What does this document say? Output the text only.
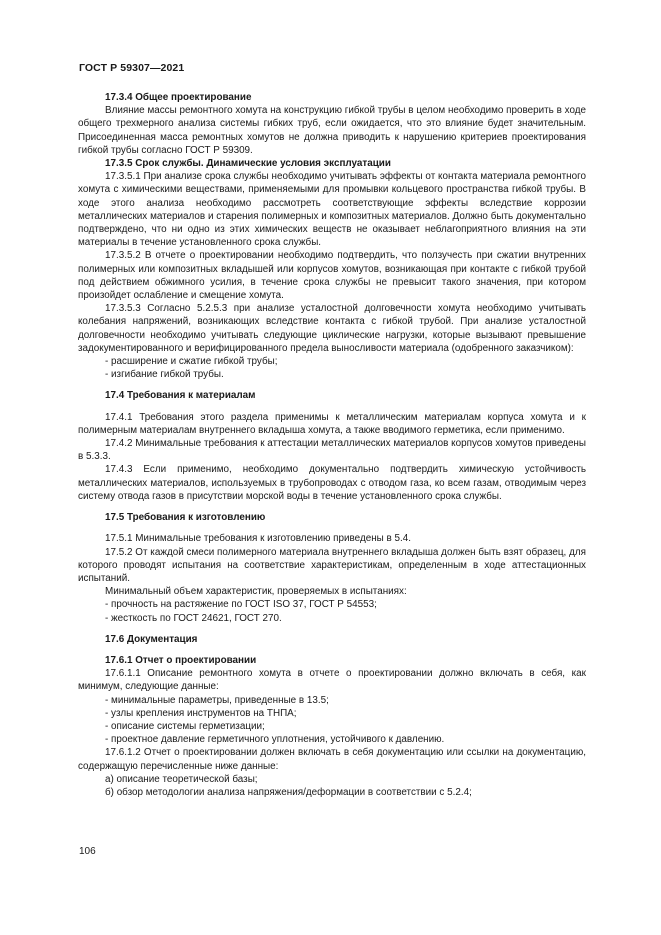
ГОСТ Р 59307—2021

17.3.4 Общее проектирование

Влияние массы ремонтного хомута на конструкцию гибкой трубы в целом необходимо проверить в ходе общего трехмерного анализа системы гибких труб, если ожидается, что это влияние будет значительным. Присоединенная масса ремонтных хомутов не должна приводить к нарушению критериев проектирования гибкой трубы согласно ГОСТ Р 59309.

17.3.5 Срок службы. Динамические условия эксплуатации

17.3.5.1 При анализе срока службы необходимо учитывать эффекты от контакта материала ремонтного хомута с химическими веществами, применяемыми для промывки кольцевого пространства гибкой трубы. В ходе этого анализа необходимо рассмотреть соответствующие эффекты вследствие коррозии металлических материалов и старения полимерных и композитных материалов. Должно быть документально подтверждено, что ни одно из этих химических веществ не оказывает неблагоприятного влияния на эти материалы в течение установленного срока службы.

17.3.5.2 В отчете о проектировании необходимо подтвердить, что ползучесть при сжатии внутренних полимерных или композитных вкладышей или корпусов хомутов, возникающая при контакте с гибкой трубой под действием обжимного усилия, в течение срока службы не превысит такого значения, при котором произойдет ослабление и смещение хомута.

17.3.5.3 Согласно 5.2.5.3 при анализе усталостной долговечности хомута необходимо учитывать колебания напряжений, возникающих вследствие контакта с гибкой трубой. При анализе усталостной долговечности необходимо учитывать следующие циклические нагрузки, которые вызывают превышение задокументированного и верифицированного предела выносливости материала (одобренного заказчиком):

- расширение и сжатие гибкой трубы;

- изгибание гибкой трубы.

17.4 Требования к материалам

17.4.1 Требования этого раздела применимы к металлическим материалам корпуса хомута и к полимерным материалам внутреннего вкладыша хомута, а также вводимого герметика, если применимо.

17.4.2 Минимальные требования к аттестации металлических материалов корпусов хомутов приведены в 5.3.3.

17.4.3 Если применимо, необходимо документально подтвердить химическую устойчивость металлических материалов, используемых в трубопроводах с отводом газа, ко всем газам, отводимым через систему отвода газов в присутствии морской воды в течение установленного срока службы.

17.5 Требования к изготовлению

17.5.1 Минимальные требования к изготовлению приведены в 5.4.

17.5.2 От каждой смеси полимерного материала внутреннего вкладыша должен быть взят образец, для которого проводят испытания на соответствие характеристикам, определенным в ходе аттестационных испытаний.

Минимальный объем характеристик, проверяемых в испытаниях:

- прочность на растяжение по ГОСТ ISO 37, ГОСТ Р 54553;

- жесткость по ГОСТ 24621, ГОСТ 270.

17.6 Документация

17.6.1 Отчет о проектировании

17.6.1.1 Описание ремонтного хомута в отчете о проектировании должно включать в себя, как минимум, следующие данные:

- минимальные параметры, приведенные в 13.5;

- узлы крепления инструментов на ТНПА;

- описание системы герметизации;

- проектное давление герметичного уплотнения, устойчивого к давлению.

17.6.1.2 Отчет о проектировании должен включать в себя документацию или ссылки на документацию, содержащую перечисленные ниже данные:

а) описание теоретической базы;

б) обзор методологии анализа напряжения/деформации в соответствии с 5.2.4;

106
